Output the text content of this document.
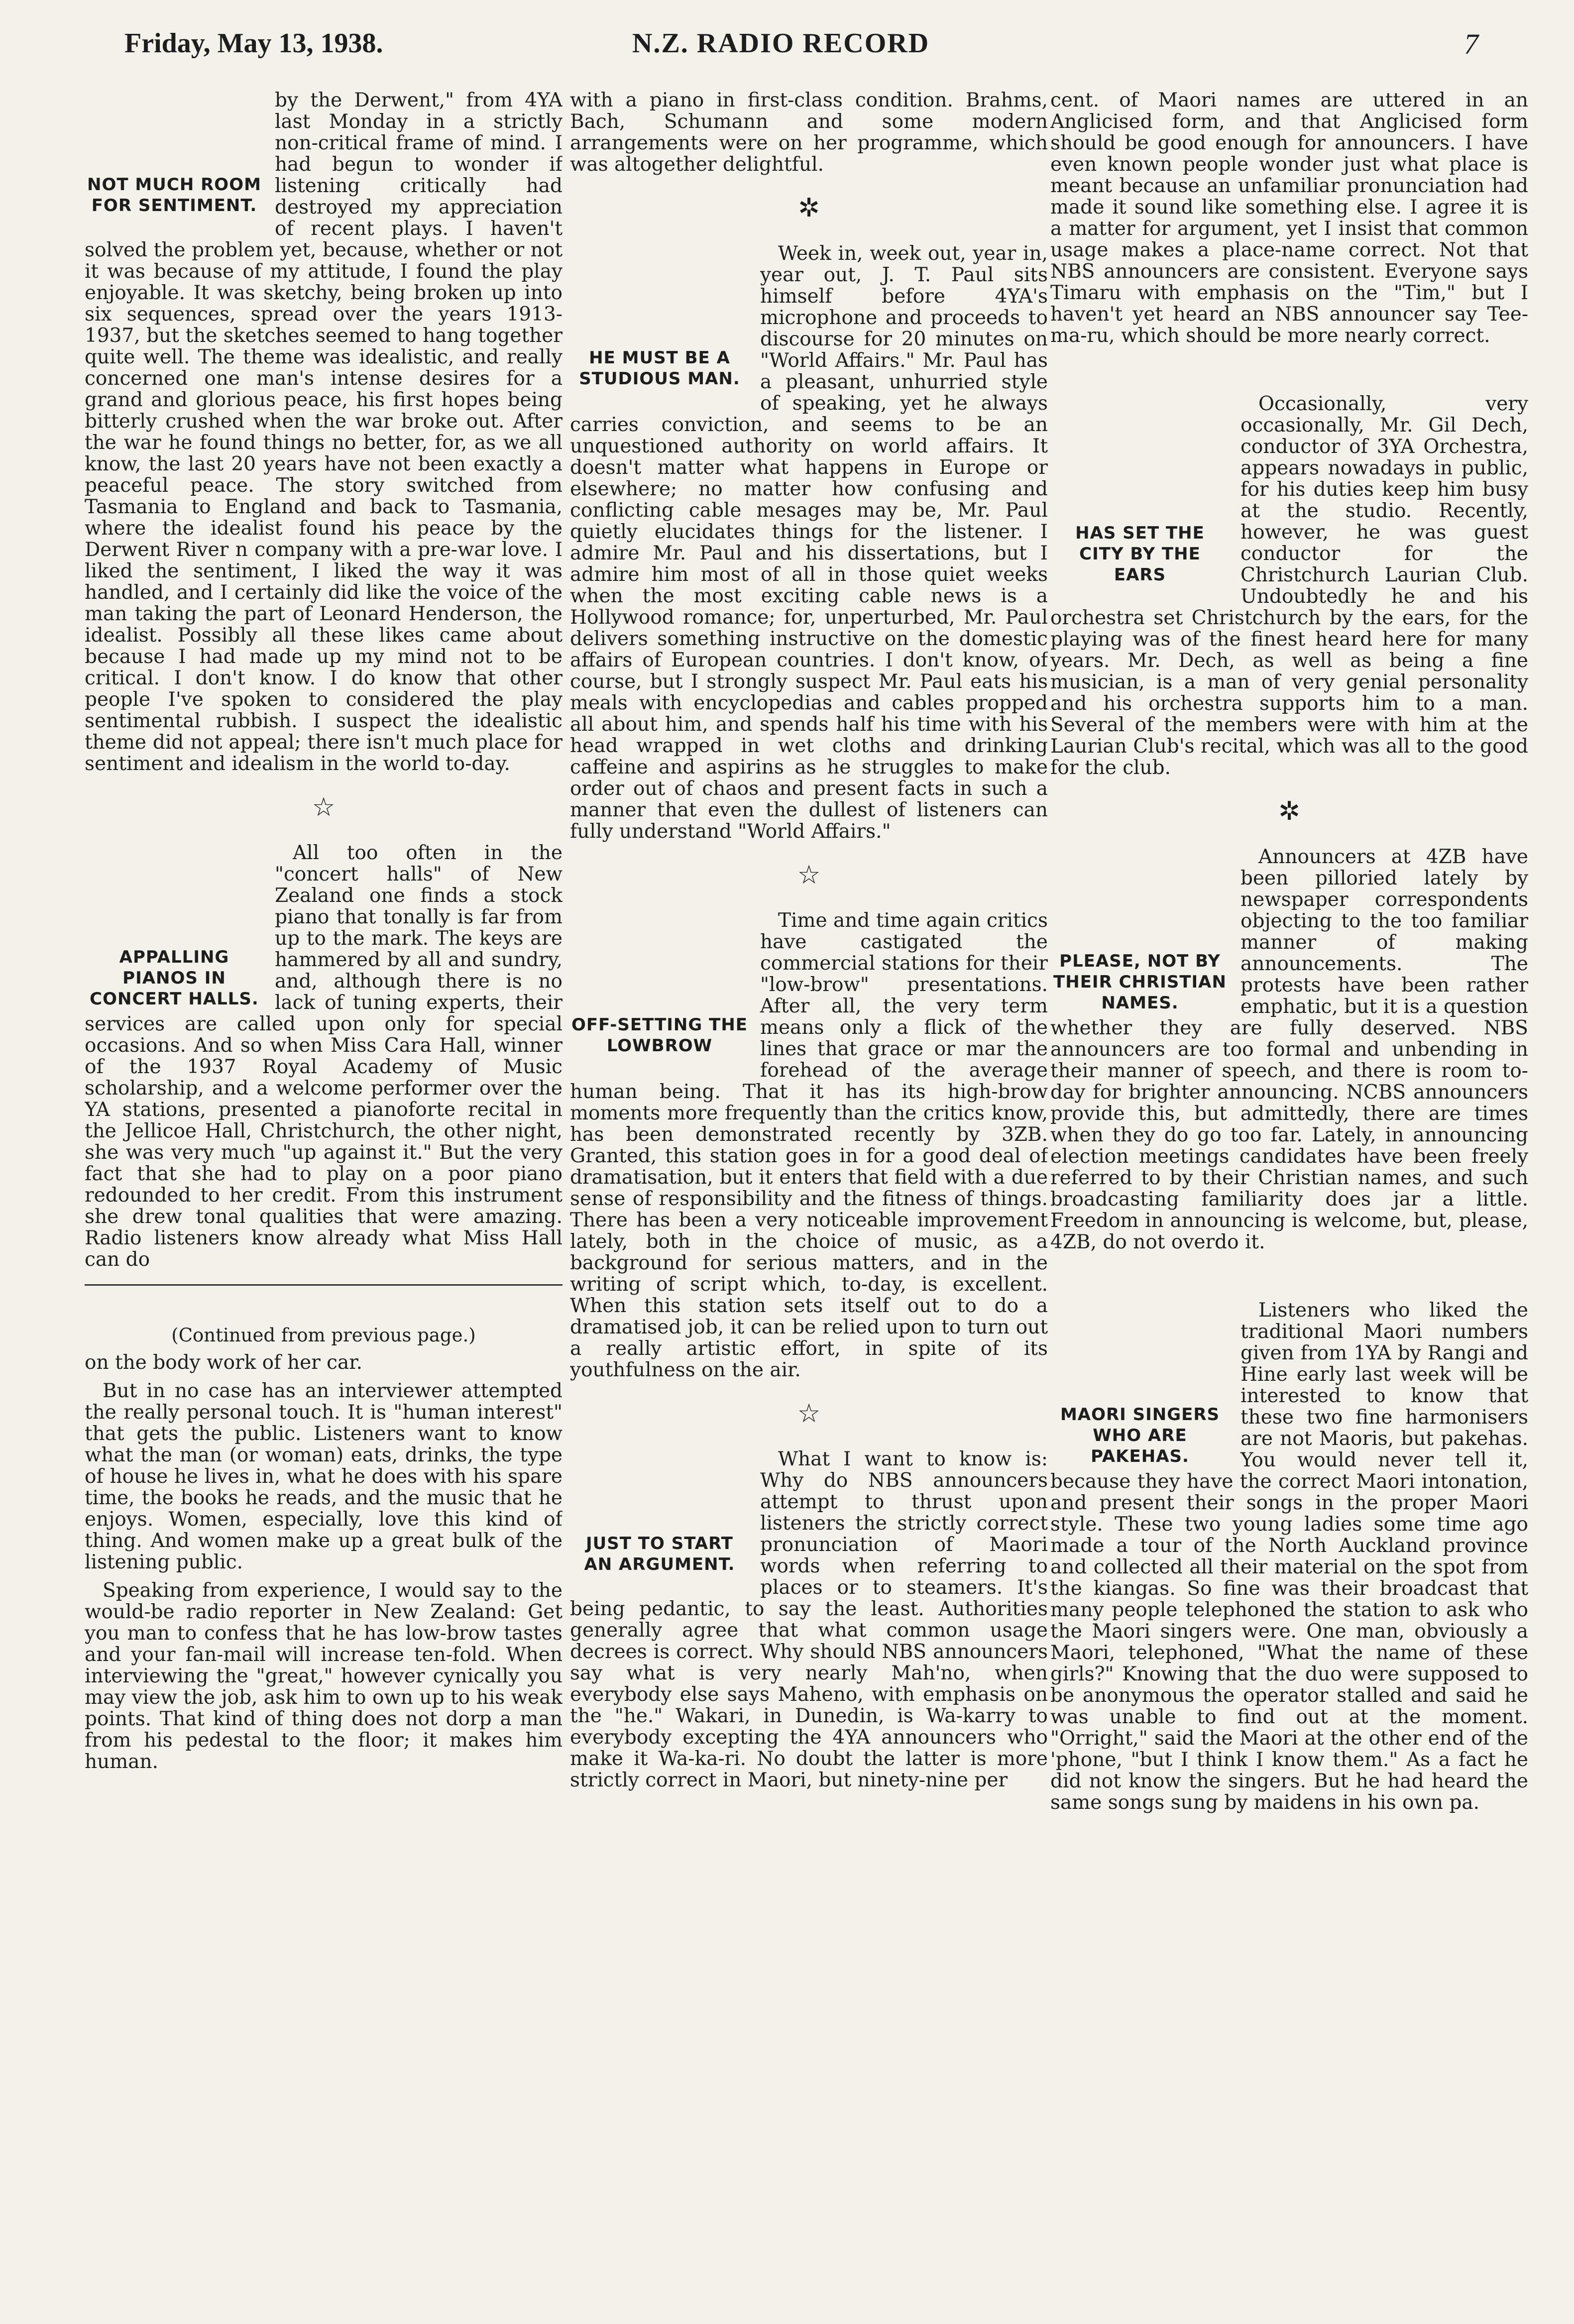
Friday, May 13, 1938.	N.Z. RADIO RECORD	7
NOT MUCH ROOM FOR SENTIMENT.

by the Derwent," from 4YA last Monday in a strictly non-critical frame of mind. I had begun to wonder if listening critically had destroyed my appreciation of recent plays. I haven't solved the problem yet, because, whether or not it was because of my attitude, I found the play enjoyable. It was sketchy, being broken up into six sequences, spread over the years 1913-1937, but the sketches seemed to hang together quite well. The theme was idealistic, and really concerned one man's intense desires for a grand and glorious peace, his first hopes being bitterly crushed when the war broke out. After the war he found things no better, for, as we all know, the last 20 years have not been exactly a peaceful peace. The story switched from Tasmania to England and back to Tasmania, where the idealist found his peace by the Derwent River n company with a pre-war love. I liked the sentiment, I liked the way it was handled, and I certainly did like the voice of the man taking the part of Leonard Henderson, the idealist. Possibly all these likes came about because I had made up my mind not to be critical. I don't know. I do know that other people I've spoken to considered the play sentimental rubbish. I suspect the idealistic theme did not appeal; there isn't much place for sentiment and idealism in the world to-day.

☆
APPALLING PIANOS IN CONCERT HALLS.

All too often in the "concert halls" of New Zealand one finds a stock piano that tonally is far from up to the mark. The keys are hammered by all and sundry, and, although there is no lack of tuning experts, their services are called upon only for special occasions. And so when Miss Cara Hall, winner of the 1937 Royal Academy of Music scholarship, and a welcome performer over the YA stations, presented a pianoforte recital in the Jellicoe Hall, Christchurch, the other night, she was very much "up against it." But the very fact that she had to play on a poor piano redounded to her credit. From this instrument she drew tonal qualities that were amazing. Radio listeners know already what Miss Hall can do

(Continued from previous page.)

on the body work of her car.

But in no case has an interviewer attempted the really personal touch. It is "human interest" that gets the public. Listeners want to know what the man (or woman) eats, drinks, the type of house he lives in, what he does with his spare time, the books he reads, and the music that he enjoys. Women, especially, love this kind of thing. And women make up a great bulk of the listening public.

Speaking from experience, I would say to the would-be radio reporter in New Zealand: Get you man to confess that he has low-brow tastes and your fan-mail will increase ten-fold. When interviewing the "great," however cynically you may view the job, ask him to own up to his weak points. That kind of thing does not dorp a man from his pedestal to the floor; it makes him human.

with a piano in first-class condition. Brahms, Bach, Schumann and some modern arrangements were on her programme, which was altogether delightful.

✲
HE MUST BE A STUDIOUS MAN.

Week in, week out, year in, year out, J. T. Paul sits himself before 4YA's microphone and proceeds to discourse for 20 minutes on "World Affairs." Mr. Paul has a pleasant, unhurried style of speaking, yet he always carries conviction, and seems to be an unquestioned authority on world affairs. It doesn't matter what happens in Europe or elsewhere; no matter how confusing and conflicting cable mesages may be, Mr. Paul quietly elucidates things for the listener. I admire Mr. Paul and his dissertations, but I admire him most of all in those quiet weeks when the most exciting cable news is a Hollywood romance; for, unperturbed, Mr. Paul delivers something instructive on the domestic affairs of European countries. I don't know, of course, but I strongly suspect Mr. Paul eats his meals with encyclopedias and cables propped all about him, and spends half his time with his head wrapped in wet cloths and drinking caffeine and aspirins as he struggles to make order out of chaos and present facts in such a manner that even the dullest of listeners can fully understand "World Affairs."

☆
OFF-SETTING THE LOWBROW

Time and time again critics have castigated the commercial stations for their "low-brow" presentations. After all, the very term means only a flick of the lines that grace or mar the forehead of the average human being. That it has its high-brow moments more frequently than the critics know, has been demonstrated recently by 3ZB. Granted, this station goes in for a good deal of dramatisation, but it enters that field with a due sense of responsibility and the fitness of things. There has been a very noticeable improvement lately, both in the choice of music, as a background for serious matters, and in the writing of script which, to-day, is excellent. When this station sets itself out to do a dramatised job, it can be relied upon to turn out a really artistic effort, in spite of its youthfulness on the air.

☆
JUST TO START AN ARGUMENT.

What I want to know is: Why do NBS announcers attempt to thrust upon listeners the strictly correct pronunciation of Maori words when referring to places or to steamers. It's being pedantic, to say the least. Authorities generally agree that what common usage decrees is correct. Why should NBS announcers say what is very nearly Mah'no, when everybody else says Maheno, with emphasis on the "he." Wakari, in Dunedin, is Wa-karry to everybody excepting the 4YA announcers who make it Wa-ka-ri. No doubt the latter is more strictly correct in Maori, but ninety-nine per

cent. of Maori names are uttered in an Anglicised form, and that Anglicised form should be good enough for announcers. I have even known people wonder just what place is meant because an unfamiliar pronunciation had made it sound like something else. I agree it is a matter for argument, yet I insist that common usage makes a place-name correct. Not that NBS announcers are consistent. Everyone says Timaru with emphasis on the "Tim," but I haven't yet heard an NBS announcer say Tee-ma-ru, which should be more nearly correct.

HAS SET THE CITY BY THE EARS

Occasionally, very occasionally, Mr. Gil Dech, conductor of 3YA Orchestra, appears nowadays in public, for his duties keep him busy at the studio. Recently, however, he was guest conductor for the Christchurch Laurian Club. Undoubtedly he and his orchestra set Christchurch by the ears, for the playing was of the finest heard here for many years. Mr. Dech, as well as being a fine musician, is a man of very genial personality and his orchestra supports him to a man. Several of the members were with him at the Laurian Club's recital, which was all to the good for the club.

✲
PLEASE, NOT BY THEIR CHRISTIAN NAMES.

Announcers at 4ZB have been pilloried lately by newspaper correspondents objecting to the too familiar manner of making announcements. The protests have been rather emphatic, but it is a question whether they are fully deserved. NBS announcers are too formal and unbending in their manner of speech, and there is room to-day for brighter announcing. NCBS announcers provide this, but admittedly, there are times when they do go too far. Lately, in announcing election meetings candidates have been freely referred to by their Christian names, and such broadcasting familiarity does jar a little. Freedom in announcing is welcome, but, please, 4ZB, do not overdo it.

MAORI SINGERS WHO ARE PAKEHAS.

Listeners who liked the traditional Maori numbers given from 1YA by Rangi and Hine early last week will be interested to know that these two fine harmonisers are not Maoris, but pakehas. You would never tell it, because they have the correct Maori intonation, and present their songs in the proper Maori style. These two young ladies some time ago made a tour of the North Auckland province and collected all their material on the spot from the kiangas. So fine was their broadcast that many people telephoned the station to ask who the Maori singers were. One man, obviously a Maori, telephoned, "What the name of these girls?" Knowing that the duo were supposed to be anonymous the operator stalled and said he was unable to find out at the moment. "Orright," said the Maori at the other end of the 'phone, "but I think I know them." As a fact he did not know the singers. But he had heard the same songs sung by maidens in his own pa.
